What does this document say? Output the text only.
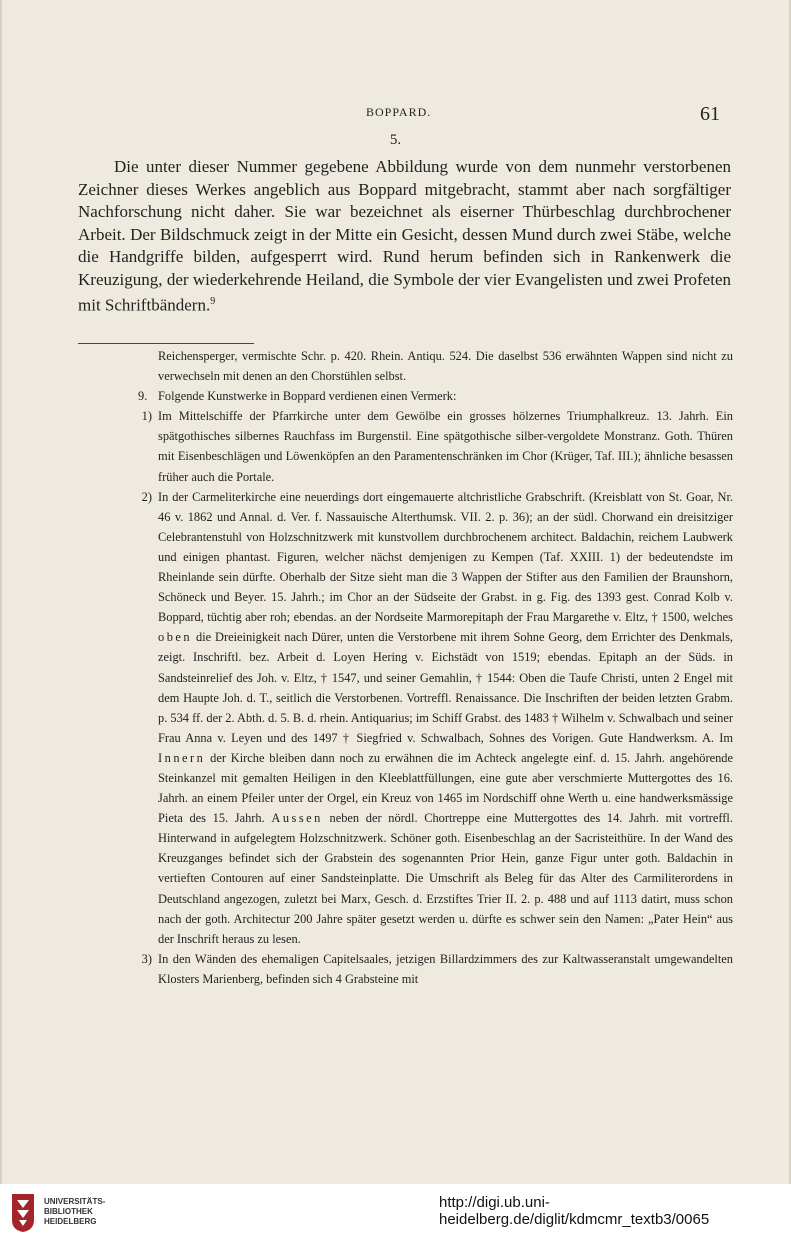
BOPPARD.	61
5.
Die unter dieser Nummer gegebene Abbildung wurde von dem nunmehr verstorbenen Zeichner dieses Werkes angeblich aus Boppard mitgebracht, stammt aber nach sorgfältiger Nachforschung nicht daher. Sie war bezeichnet als eiserner Thürbeschlag durchbrochener Arbeit. Der Bildschmuck zeigt in der Mitte ein Gesicht, dessen Mund durch zwei Stäbe, welche die Handgriffe bilden, aufgesperrt wird. Rund herum befinden sich in Rankenwerk die Kreuzigung, der wiederkehrende Heiland, die Symbole der vier Evangelisten und zwei Profeten mit Schriftbändern.$^9$

Reichensperger, vermischte Schr. p. 420. Rhein. Antiqu. 524. Die daselbst 536 erwähnten Wappen sind nicht zu verwechseln mit denen an den Chorstühlen selbst.

9. Folgende Kunstwerke in Boppard verdienen einen Vermerk:
1) Im Mittelschiffe der Pfarrkirche unter dem Gewölbe ein grosses hölzernes Triumphalkreuz. 13. Jahrh. Ein spätgothisches silbernes Rauchfass im Burgenstil. Eine spätgothische silber-vergoldete Monstranz. Goth. Thüren mit Eisenbeschlägen und Löwenköpfen an den Paramentenschränken im Chor (Krüger, Taf. III.); ähnliche besassen früher auch die Portale.
2) In der Carmeliterkirche eine neuerdings dort eingemauerte altchristliche Grabschrift. (Kreisblatt von St. Goar, Nr. 46 v. 1862 und Annal. d. Ver. f. Nassauische Alterthumsk. VII. 2. p. 36); an der südl. Chorwand ein dreisitziger Celebrantenstuhl von Holzschnitzwerk mit kunstvollem durchbrochenem architect. Baldachin, reichem Laubwerk und einigen phantast. Figuren, welcher nächst demjenigen zu Kempen (Taf. XXIII. 1) der bedeutendste im Rheinlande sein dürfte. Oberhalb der Sitze sieht man die 3 Wappen der Stifter aus den Familien der Braunshorn, Schöneck und Beyer. 15. Jahrh.; im Chor an der Südseite der Grabst. in g. Fig. des 1393 gest. Conrad Kolb v. Boppard, tüchtig aber roh; ebendas. an der Nordseite Marmorepitaph der Frau Margarethe v. Eltz, † 1500, welches oben die Dreieinigkeit nach Dürer, unten die Verstorbene mit ihrem Sohne Georg, dem Errichter des Denkmals, zeigt. Inschriftl. bez. Arbeit d. Loyen Hering v. Eichstädt von 1519; ebendas. Epitaph an der Süds. in Sandsteinrelief des Joh. v. Eltz, † 1547, und seiner Gemahlin, † 1544: Oben die Taufe Christi, unten 2 Engel mit dem Haupte Joh. d. T., seitlich die Verstorbenen. Vortreffl. Renaissance. Die Inschriften der beiden letzten Grabm. p. 534 ff. der 2. Abth. d. 5. B. d. rhein. Antiquarius; im Schiff Grabst. des 1483 † Wilhelm v. Schwalbach und seiner Frau Anna v. Leyen und des 1497 † Siegfried v. Schwalbach, Sohnes des Vorigen. Gute Handwerksm. A. Im Innern der Kirche bleiben dann noch zu erwähnen die im Achteck angelegte einf. d. 15. Jahrh. angehörende Steinkanzel mit gemalten Heiligen in den Kleeblattfüllungen, eine gute aber verschmierte Muttergottes des 16. Jahrh. an einem Pfeiler unter der Orgel, ein Kreuz von 1465 im Nordschiff ohne Werth u. eine handwerksmässige Pieta des 15. Jahrh. Aussen neben der nördl. Chortreppe eine Muttergottes des 14. Jahrh. mit vortreffl. Hinterwand in aufgelegtem Holzschnitzwerk. Schöner goth. Eisenbeschlag an der Sacristeithüre. In der Wand des Kreuzganges befindet sich der Grabstein des sogenannten Prior Hein, ganze Figur unter goth. Baldachin in vertieften Contouren auf einer Sandsteinplatte. Die Umschrift als Beleg für das Alter des Carmiliterordens in Deutschland angezogen, zuletzt bei Marx, Gesch. d. Erzstiftes Trier II. 2. p. 488 und auf 1113 datirt, muss schon nach der goth. Architectur 200 Jahre später gesetzt werden u. dürfte es schwer sein den Namen: „Pater Hein“ aus der Inschrift heraus zu lesen.
3) In den Wänden des ehemaligen Capitelsaales, jetzigen Billardzimmers des zur Kaltwasseranstalt umgewandelten Klosters Marienberg, befinden sich 4 Grabsteine mit
UNIVERSITÄTS-
BIBLIOTHEK
HEIDELBERG
http://digi.ub.uni-heidelberg.de/diglit/kdmcmr_textb3/0065
